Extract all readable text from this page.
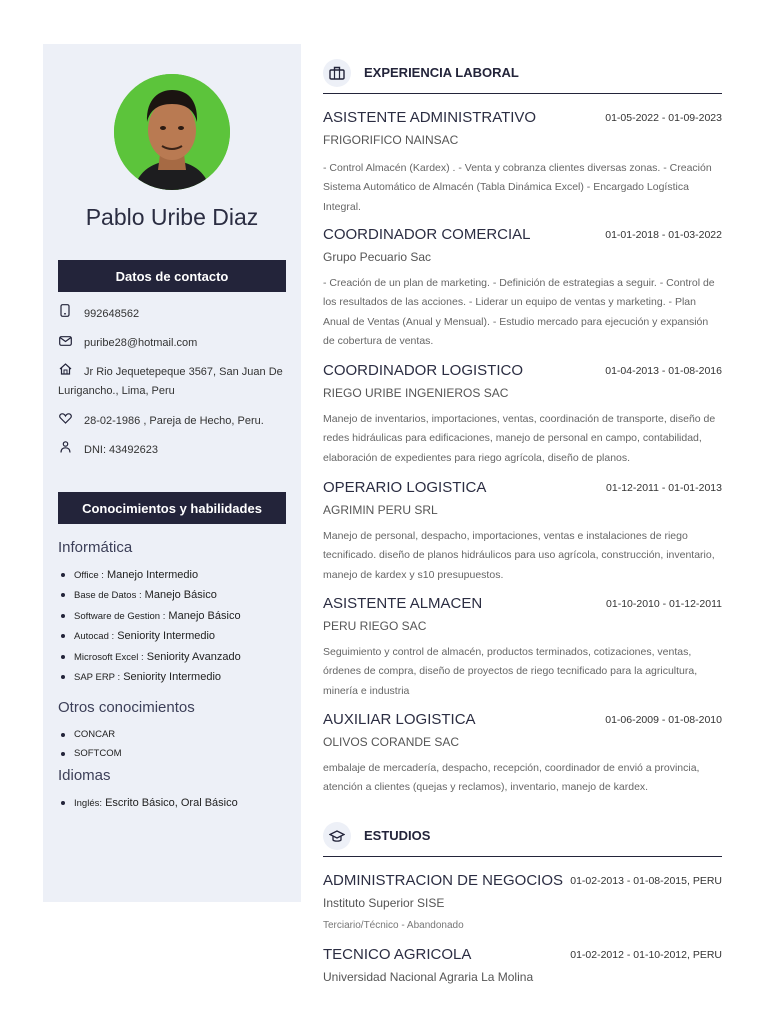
Pablo Uribe Diaz
Datos de contacto
992648562
puribe28@hotmail.com
Jr Rio Jequetepeque 3567, San Juan De Lurigancho., Lima, Peru
28-02-1986 , Pareja de Hecho, Peru.
DNI: 43492623
Conocimientos y habilidades
Informática
Office : Manejo Intermedio
Base de Datos : Manejo Básico
Software de Gestion : Manejo Básico
Autocad : Seniority Intermedio
Microsoft Excel : Seniority Avanzado
SAP ERP : Seniority Intermedio
Otros conocimientos
CONCAR
SOFTCOM
Idiomas
Inglés: Escrito Básico, Oral Básico
EXPERIENCIA LABORAL
ASISTENTE ADMINISTRATIVO	01-05-2022 - 01-09-2023
FRIGORIFICO NAINSAC
- Control Almacén (Kardex) . - Venta y cobranza clientes diversas zonas. - Creación Sistema Automático de Almacén (Tabla Dinámica Excel) - Encargado Logística Integral.
COORDINADOR COMERCIAL	01-01-2018 - 01-03-2022
Grupo Pecuario Sac
- Creación de un plan de marketing. - Definición de estrategias a seguir. - Control de los resultados de las acciones. - Liderar un equipo de ventas y marketing. - Plan Anual de Ventas (Anual y Mensual). - Estudio mercado para ejecución y expansión de cobertura de ventas.
COORDINADOR LOGISTICO	01-04-2013 - 01-08-2016
RIEGO URIBE INGENIEROS SAC
Manejo de inventarios, importaciones, ventas, coordinación de transporte, diseño de redes hidráulicas para edificaciones, manejo de personal en campo, contabilidad, elaboración de expedientes para riego agrícola, diseño de planos.
OPERARIO LOGISTICA	01-12-2011 - 01-01-2013
AGRIMIN PERU SRL
Manejo de personal, despacho, importaciones, ventas e instalaciones de riego tecnificado. diseño de planos hidráulicos para uso agrícola, construcción, inventario, manejo de kardex y s10 presupuestos.
ASISTENTE ALMACEN	01-10-2010 - 01-12-2011
PERU RIEGO SAC
Seguimiento y control de almacén, productos terminados, cotizaciones, ventas, órdenes de compra, diseño de proyectos de riego tecnificado para la agricultura, minería e industria
AUXILIAR LOGISTICA	01-06-2009 - 01-08-2010
OLIVOS CORANDE SAC
embalaje de mercadería, despacho, recepción, coordinador de envió a provincia, atención a clientes (quejas y reclamos), inventario, manejo de kardex.
ESTUDIOS
ADMINISTRACION DE NEGOCIOS 01-02-2013 - 01-08-2015, PERU
Instituto Superior SISE
Terciario/Técnico - Abandonado
TECNICO AGRICOLA	01-02-2012 - 01-10-2012, PERU
Universidad Nacional Agraria La Molina
